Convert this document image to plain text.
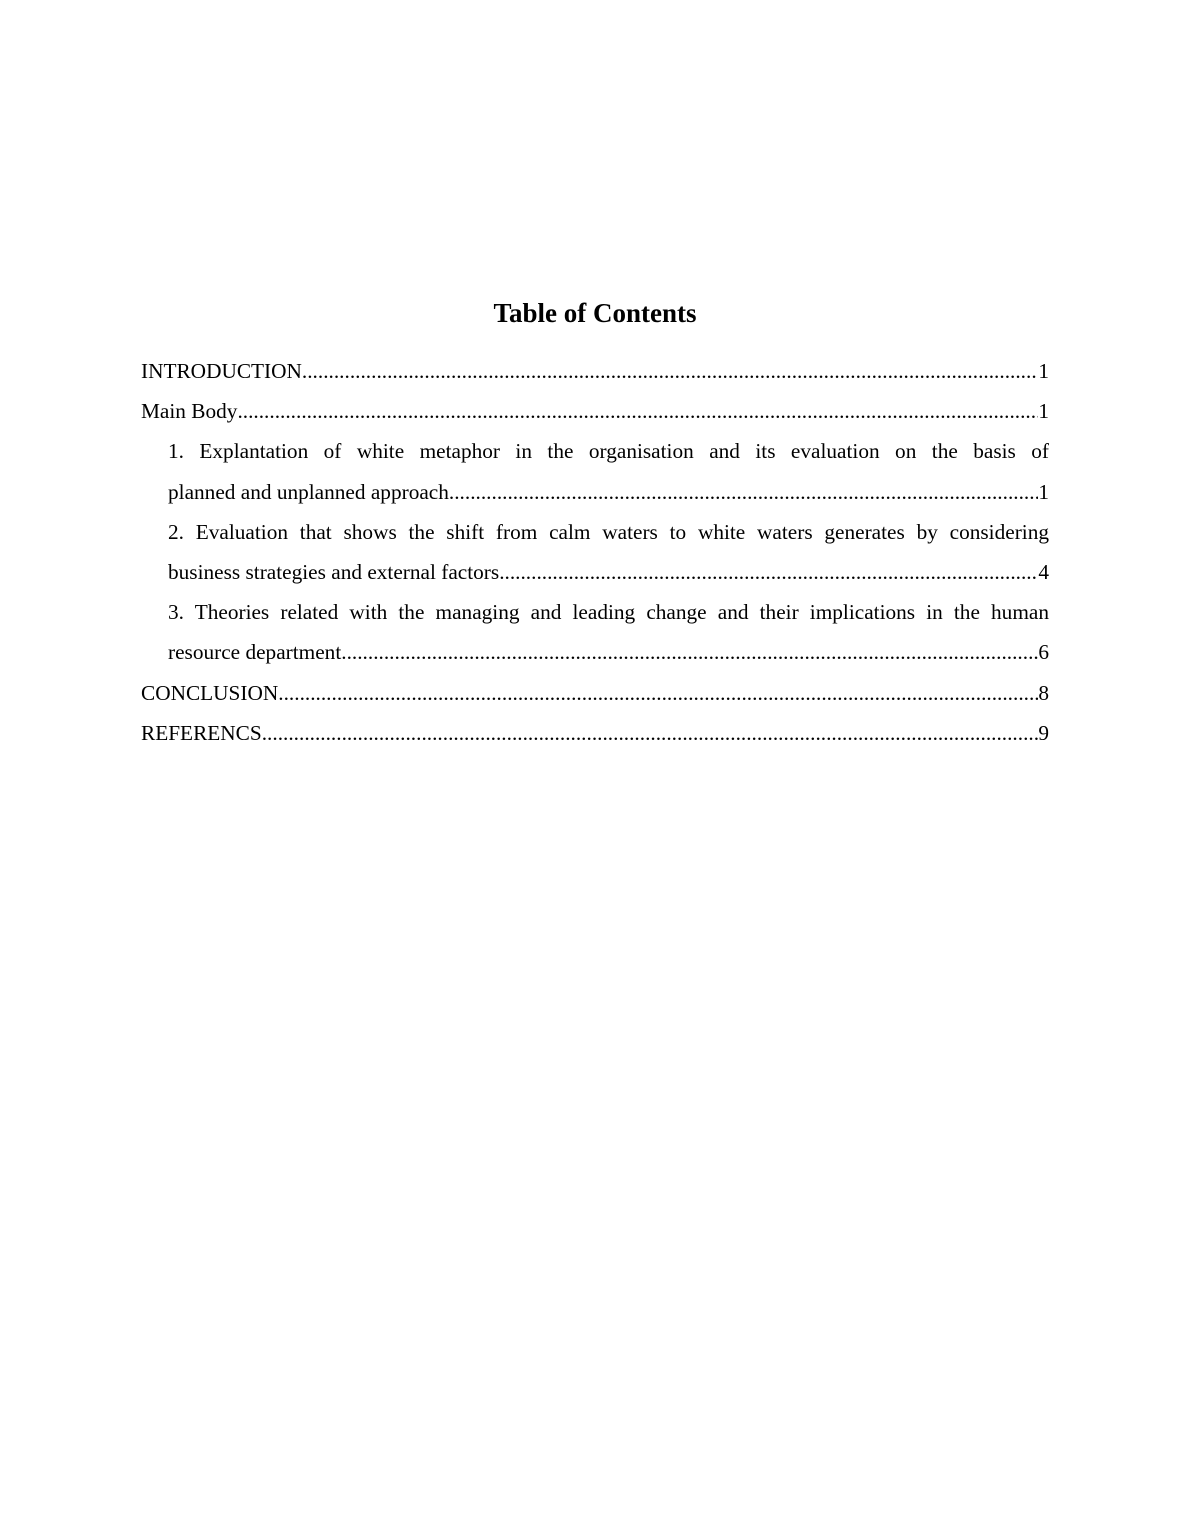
Table of Contents
INTRODUCTION .....	1
Main Body .....	1
1. Explantation of white metaphor in the organisation and its evaluation on the basis of
planned and unplanned approach .....	1
2. Evaluation that shows the shift from calm waters to white waters generates by considering
business strategies and external factors .....	4
3. Theories related with the managing and leading change and their implications in the human
resource department .....	6
CONCLUSION .....	8
REFERENCS .....	9
